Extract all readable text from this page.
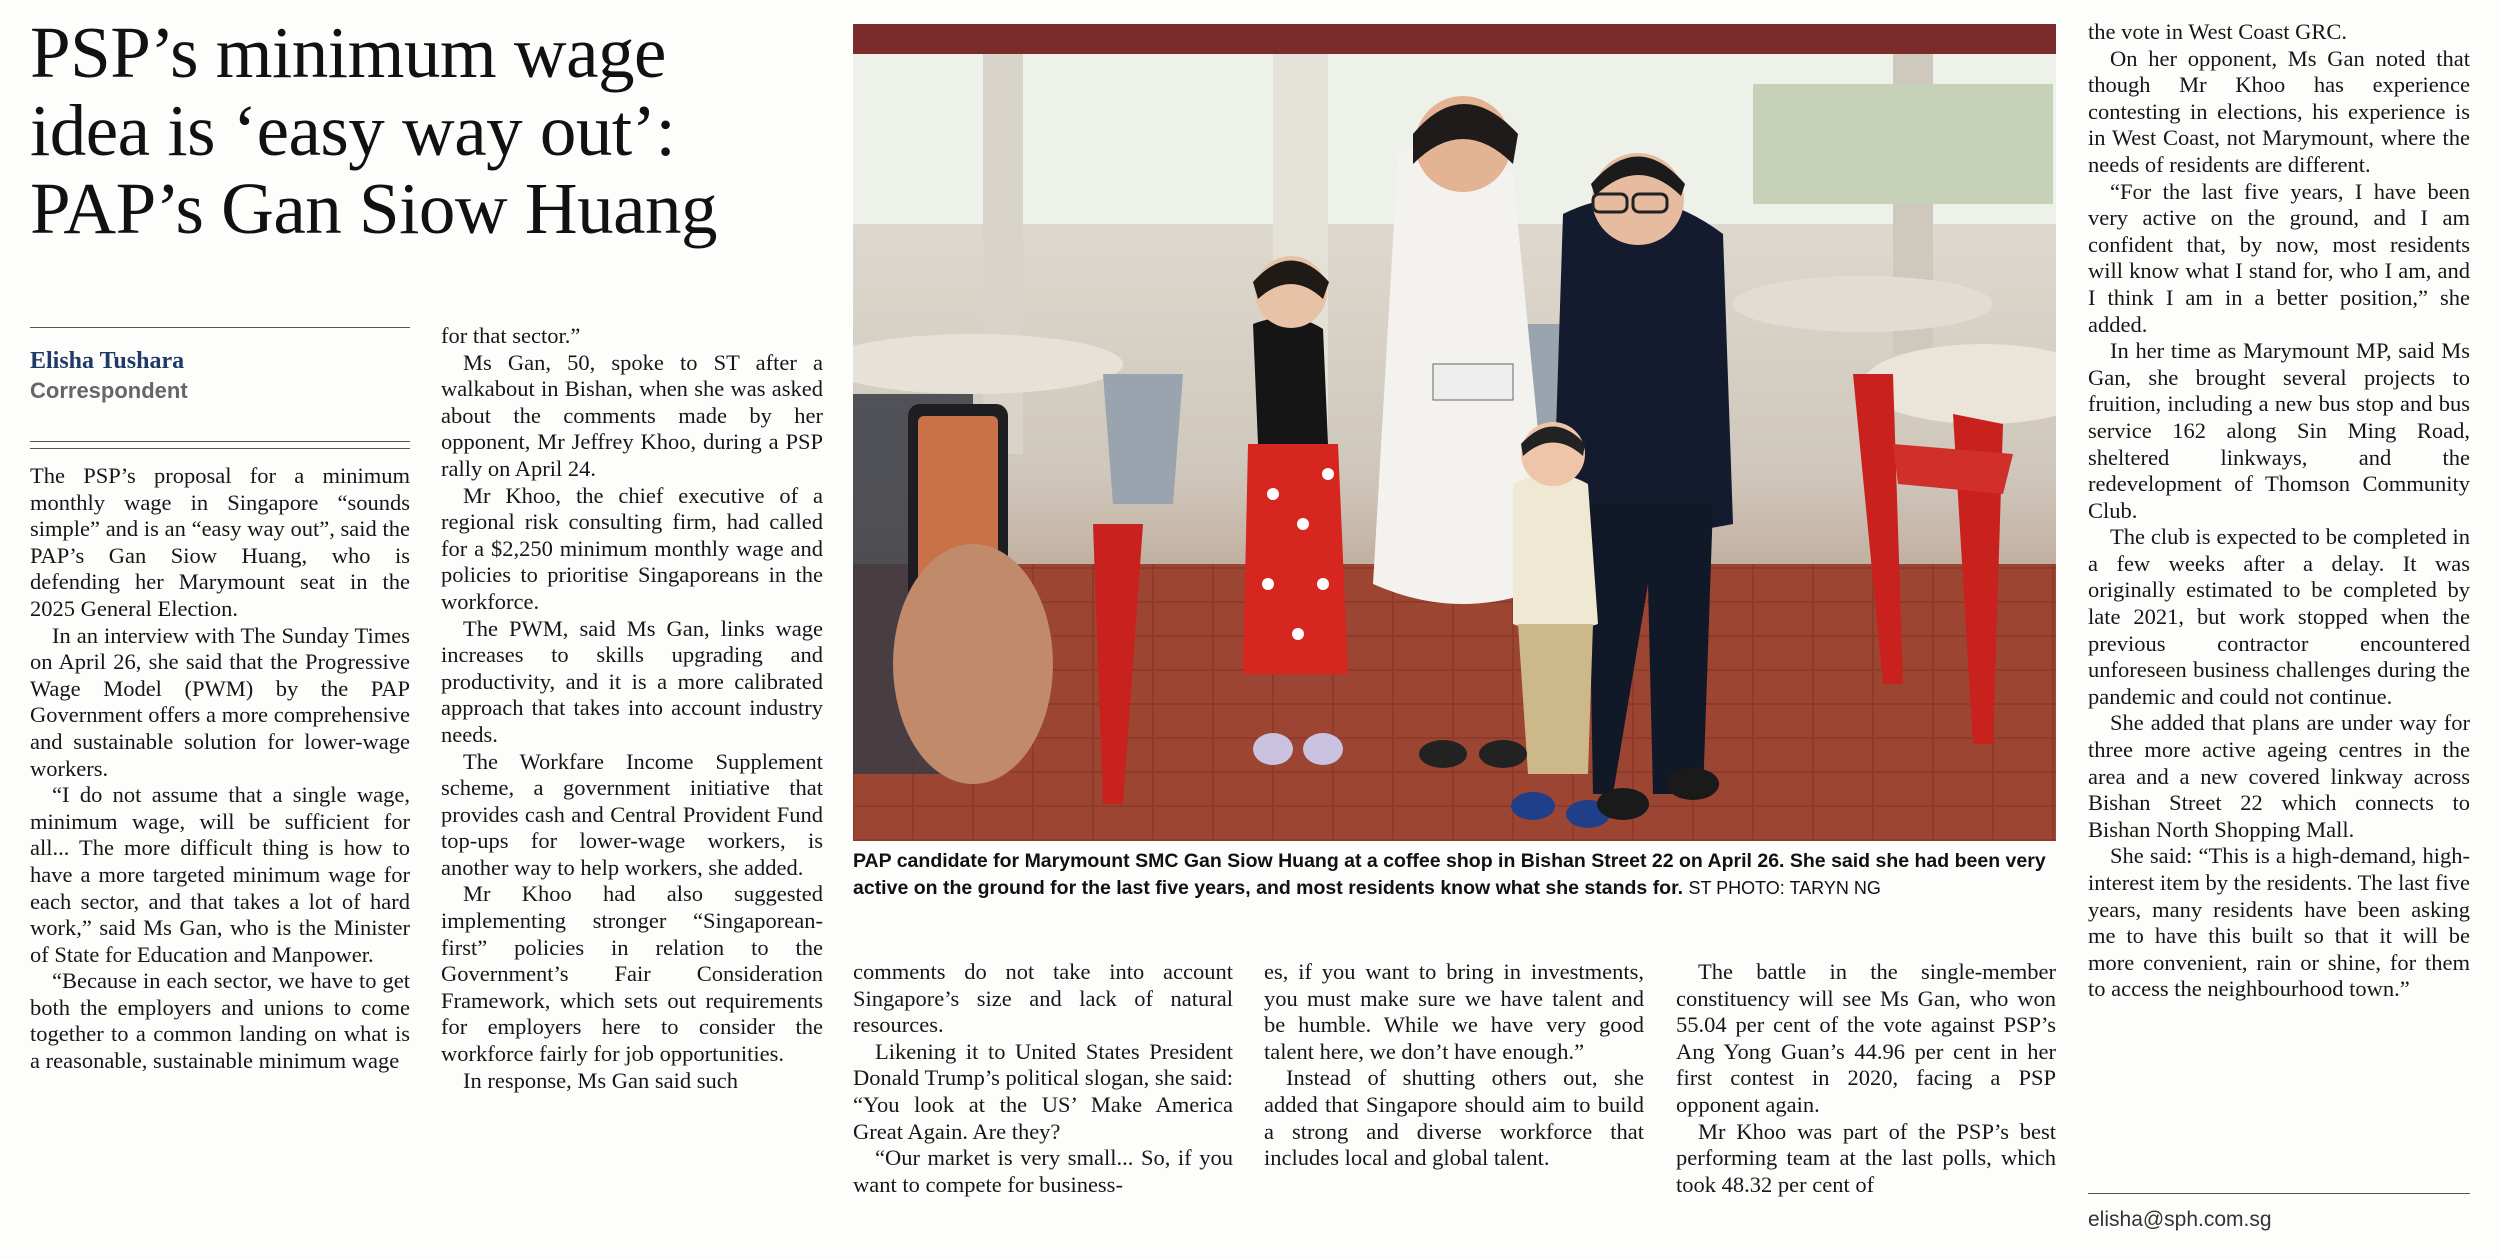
PSP’s minimum wage idea is ‘easy way out’: PAP’s Gan Siow Huang
Elisha Tushara
Correspondent

The PSP’s proposal for a minimum monthly wage in Singapore “sounds simple” and is an “easy way out”, said the PAP’s Gan Siow Huang, who is defending her Marymount seat in the 2025 General Election.

In an interview with The Sunday Times on April 26, she said that the Progressive Wage Model (PWM) by the PAP Government offers a more comprehensive and sustainable solution for lower-wage workers.

“I do not assume that a single wage, minimum wage, will be sufficient for all... The more difficult thing is how to have a more targeted minimum wage for each sector, and that takes a lot of hard work,” said Ms Gan, who is the Minister of State for Education and Manpower.

“Because in each sector, we have to get both the employers and unions to come together to a common landing on what is a reasonable, sustainable minimum wage

for that sector.”

Ms Gan, 50, spoke to ST after a walkabout in Bishan, when she was asked about the comments made by her opponent, Mr Jeffrey Khoo, during a PSP rally on April 24.

Mr Khoo, the chief executive of a regional risk consulting firm, had called for a $2,250 minimum monthly wage and policies to prioritise Singaporeans in the workforce.

The PWM, said Ms Gan, links wage increases to skills upgrading and productivity, and it is a more calibrated approach that takes into account industry needs.

The Workfare Income Supplement scheme, a government initiative that provides cash and Central Provident Fund top-ups for lower-wage workers, is another way to help workers, she added.

Mr Khoo had also suggested implementing stronger “Singaporean-first” policies in relation to the Government’s Fair Consideration Framework, which sets out requirements for employers here to consider the workforce fairly for job opportunities.

In response, Ms Gan said such

PAP candidate for Marymount SMC Gan Siow Huang at a coffee shop in Bishan Street 22 on April 26. She said she had been very active on the ground for the last five years, and most residents know what she stands for. ST PHOTO: TARYN NG

comments do not take into account Singapore’s size and lack of natural resources.

Likening it to United States President Donald Trump’s political slogan, she said: “You look at the US’ Make America Great Again. Are they?

“Our market is very small... So, if you want to compete for business-

es, if you want to bring in investments, you must make sure we have talent and be humble. While we have very good talent here, we don’t have enough.”

Instead of shutting others out, she added that Singapore should aim to build a strong and diverse workforce that includes local and global talent.

The battle in the single-member constituency will see Ms Gan, who won 55.04 per cent of the vote against PSP’s Ang Yong Guan’s 44.96 per cent in her first contest in 2020, facing a PSP opponent again.

Mr Khoo was part of the PSP’s best performing team at the last polls, which took 48.32 per cent of

the vote in West Coast GRC.

On her opponent, Ms Gan noted that though Mr Khoo has experience contesting in elections, his experience is in West Coast, not Marymount, where the needs of residents are different.

“For the last five years, I have been very active on the ground, and I am confident that, by now, most residents will know what I stand for, who I am, and I think I am in a better position,” she added.

In her time as Marymount MP, said Ms Gan, she brought several projects to fruition, including a new bus stop and bus service 162 along Sin Ming Road, sheltered linkways, and the redevelopment of Thomson Community Club.

The club is expected to be completed in a few weeks after a delay. It was originally estimated to be completed by late 2021, but work stopped when the previous contractor encountered unforeseen business challenges during the pandemic and could not continue.

She added that plans are under way for three more active ageing centres in the area and a new covered linkway across Bishan Street 22 which connects to Bishan North Shopping Mall.

She said: “This is a high-demand, high-interest item by the residents. The last five years, many residents have been asking me to have this built so that it will be more convenient, rain or shine, for them to access the neighbourhood town.”

elisha@sph.com.sg
